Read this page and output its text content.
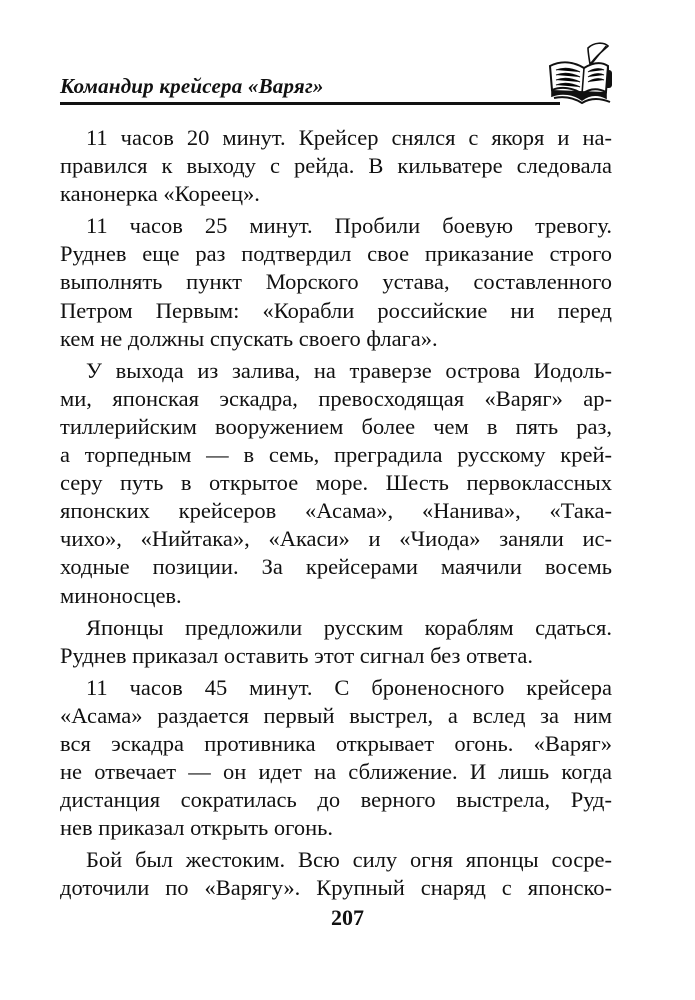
Командир крейсера «Варяг»
11 часов 20 минут. Крейсер снялся с якоря и на-
правился к выходу с рейда. В кильватере следовала
канонерка «Кореец».
11 часов 25 минут. Пробили боевую тревогу.
Руднев еще раз подтвердил свое приказание строго
выполнять пункт Морского устава, составленного
Петром Первым: «Корабли российские ни перед
кем не должны спускать своего флага».
У выхода из залива, на траверзе острова Иодоль-
ми, японская эскадра, превосходящая «Варяг» ар-
тиллерийским вооружением более чем в пять раз,
а торпедным — в семь, преградила русскому крей-
серу путь в открытое море. Шесть первоклассных
японских крейсеров «Асама», «Нанива», «Така-
чихо», «Нийтака», «Акаси» и «Чиода» заняли ис-
ходные позиции. За крейсерами маячили восемь
миноносцев.
Японцы предложили русским кораблям сдаться.
Руднев приказал оставить этот сигнал без ответа.
11 часов 45 минут. С броненосного крейсера
«Асама» раздается первый выстрел, а вслед за ним
вся эскадра противника открывает огонь. «Варяг»
не отвечает — он идет на сближение. И лишь когда
дистанция сократилась до верного выстрела, Руд-
нев приказал открыть огонь.
Бой был жестоким. Всю силу огня японцы сосре-
доточили по «Варягу». Крупный снаряд с японско-
207
